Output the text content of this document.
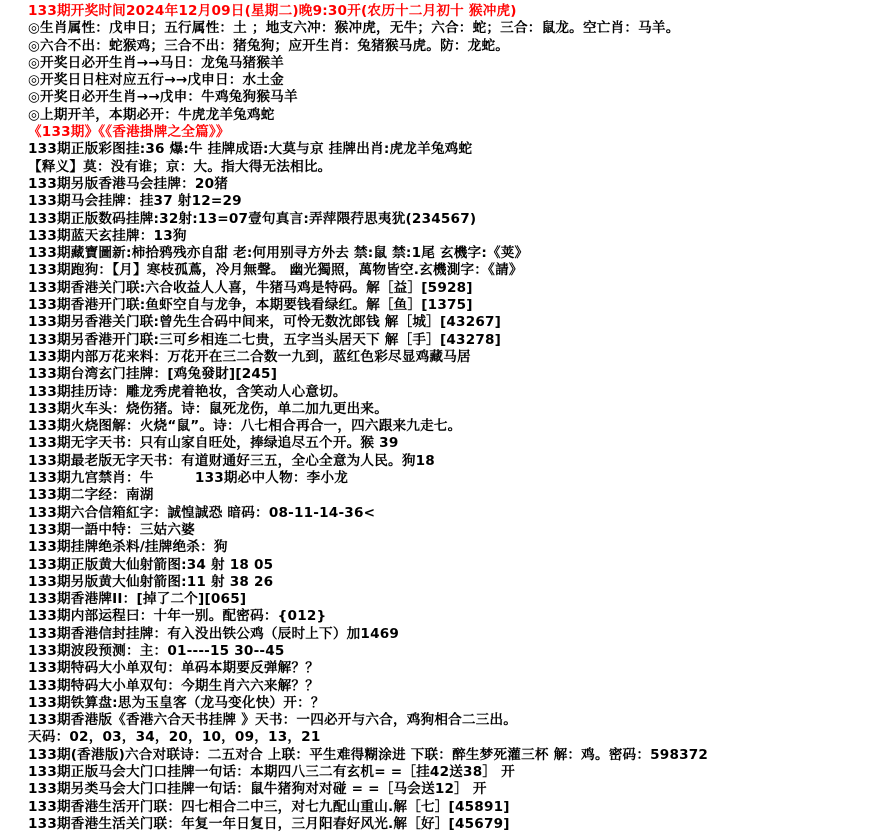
133期开奖时间2024年12月09日(星期二)晚9:30开(农历十二月初十 猴冲虎)
◎生肖属性：戊申日；五行属性：土 ；地支六冲：猴冲虎，无牛；六合：蛇；三合：鼠龙。空亡肖：马羊。
◎六合不出：蛇猴鸡；三合不出：猪兔狗；应开生肖：兔猪猴马虎。防：龙蛇。
◎开奖日必开生肖→→马日：龙兔马猪猴羊
◎开奖日日柱对应五行→→戊申日：水土金
◎开奖日必开生肖→→戊申：牛鸡兔狗猴马羊
◎上期开羊，本期必开：牛虎龙羊兔鸡蛇
《133期》《《香港掛牌之全篇》》
133期正版彩图挂:36 爆:牛 挂牌成语:大莫与京 挂牌出肖:虎龙羊兔鸡蛇
【释义】莫：没有谁；京：大。指大得无法相比。
133期另版香港马会挂牌：20猪
133期马会挂牌：挂37 射12=29
133期正版数码挂牌:32射:13=07壹句真言:弄萍隈荇思夷犹(234567)
133期蓝天玄挂牌：13狗
133期藏寶圖新:柿拾鸦残亦自甜 老:何用别寻方外去 禁:鼠 禁:1尾 玄機字:《荚》
133期跑狗：【月】寒枝孤蔦，冷月無聲。 幽光獨照，萬物皆空.玄機測字：《請》
133期香港关门联:六合收益人人喜，牛猪马鸡是特码。解［益］[5928]
133期香港开门联:鱼虾空自与龙争，本期要钱看绿红。解［鱼］[1375]
133期另香港关门联:曾先生合码中间来，可怜无数沈郎钱 解［城］[43267]
133期另香港开门联:三可乡相连二七贵，五字当头居天下 解［手］[43278]
133期内部万花来料：万花开在三二合数一九到，蓝红色彩尽显鸡藏马居
133期台湾玄门挂牌：[鸡兔發財][245]
133期挂历诗：雕龙秀虎着艳妆，含笑动人心意切。
133期火车头：烧伤猪。诗：鼠死龙伤，单二加九更出来。
133期火烧图解：火烧“鼠”。诗：八七相合再合一，四六跟来九走七。
133期无字天书：只有山家自旺处，捧绿追尽五个开。猴 39
133期最老版无字天书：有道财通好三五，全心全意为人民。狗18
133期九宫禁肖：牛　　　133期必中人物：李小龙
133期二字经：南湖
133期六合信箱紅字：誠惶誠恐 暗码：08-11-14-36<
133期一語中特：三姑六婆
133期挂牌绝杀料/挂牌绝杀：狗
133期正版黄大仙射箭图:34 射 18 05
133期另版黄大仙射箭图:11 射 38 26
133期香港牌II：[掉了二个][065]
133期内部运程曰：十年一别。配密码：{012}
133期香港信封挂牌：有入没出铁公鸡（辰时上下）加1469
133期波段预测：主：01----15 30--45
133期特码大小单双句：单码本期要反弹解？？
133期特码大小单双句：今期生肖六六来解？？
133期铁算盘:思为玉皇客（龙马变化快）开：？
133期香港版《香港六合天书挂牌 》天书：一四必开与六合，鸡狗相合二三出。
天码：02，03，34，20，10，09，13，21
133期(香港版)六合对联诗：二五对合 上联：平生难得糊涂进 下联：醉生梦死灌三杯 解：鸡。密码：598372
133期正版马会大门口挂牌一句话：本期四八三二有玄机= =［挂42送38］ 开
133期另类马会大门口挂牌一句话：鼠牛猪狗对对碰 = =［马会送12］ 开
133期香港生活开门联：四七相合二中三，对七九配山重山.解［七］[45891]
133期香港生活关门联：年复一年日复日，三月阳春好风光.解［好］[45679]
